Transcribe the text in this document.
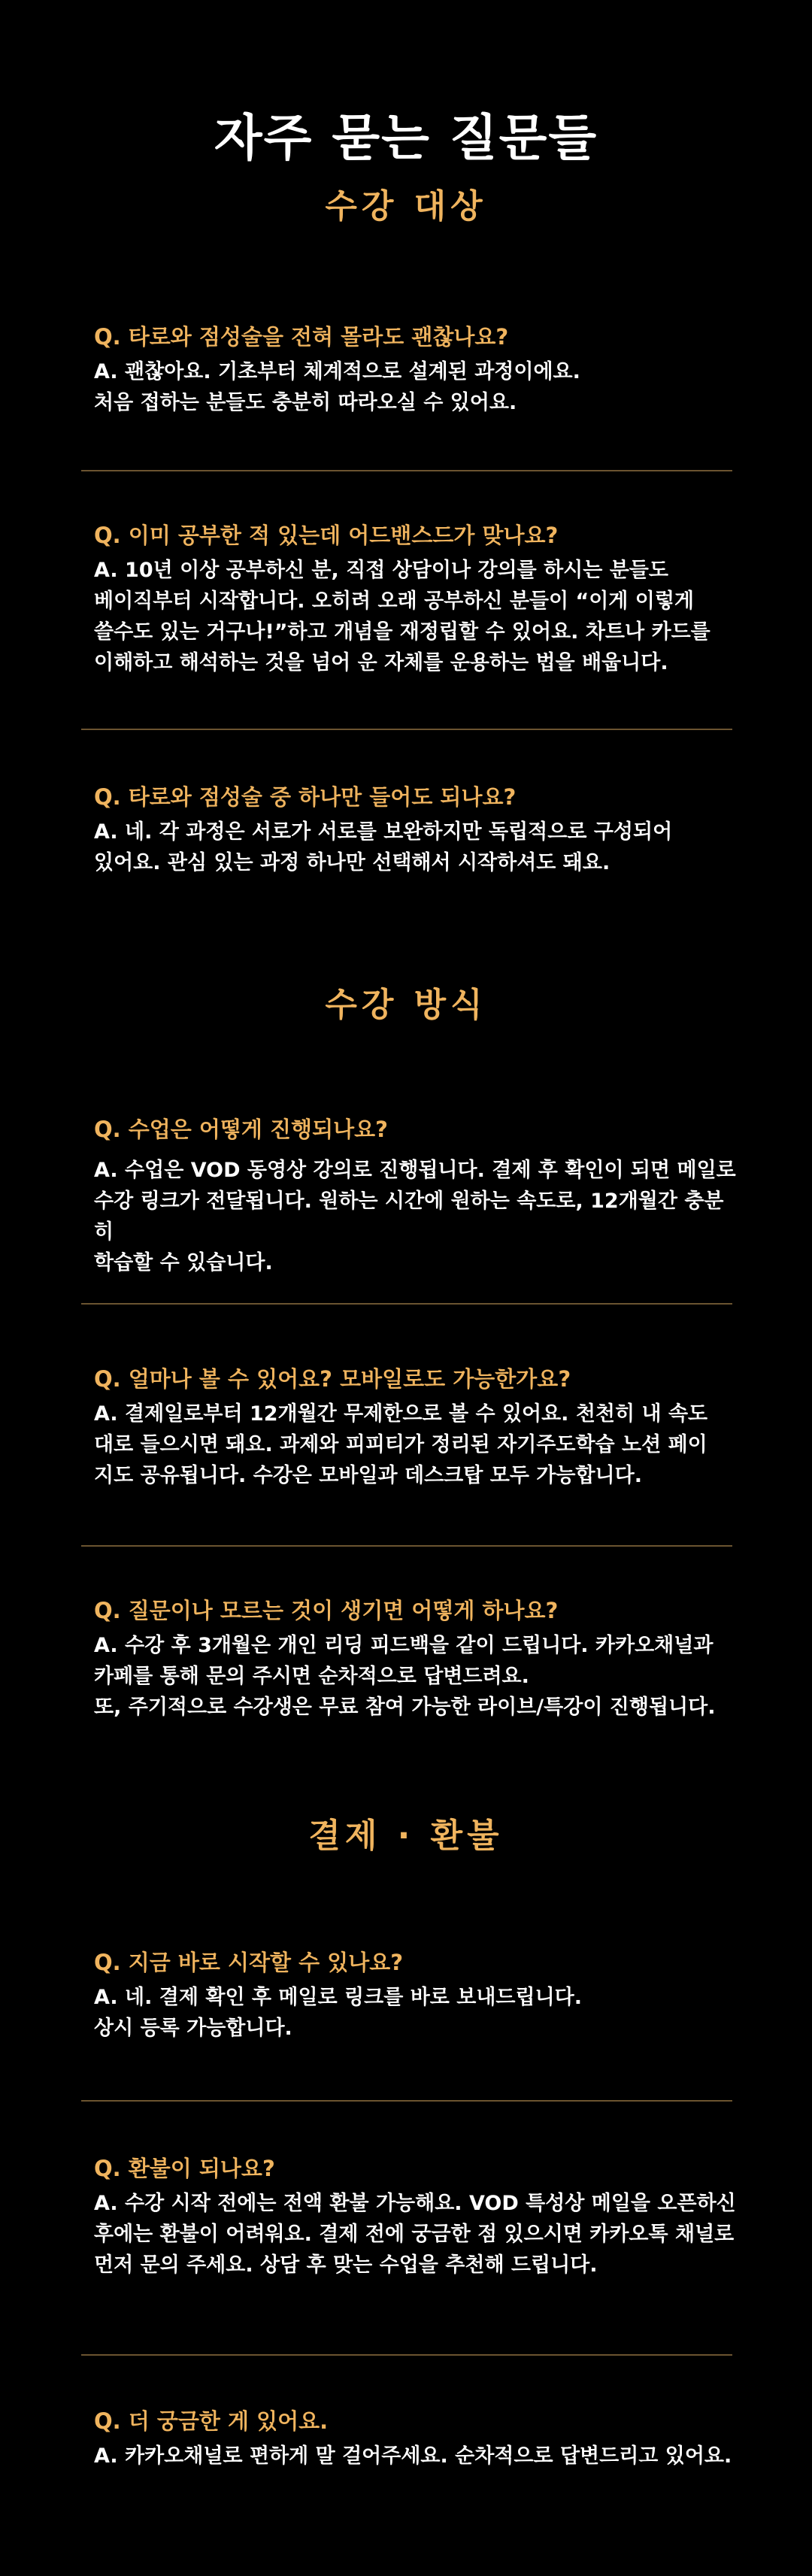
자주 묻는 질문들
수강 대상
Q. 타로와 점성술을 전혀 몰라도 괜찮나요?
A. 괜찮아요. 기초부터 체계적으로 설계된 과정이에요.
처음 접하는 분들도 충분히 따라오실 수 있어요.
Q. 이미 공부한 적 있는데 어드밴스드가 맞나요?
A. 10년 이상 공부하신 분, 직접 상담이나 강의를 하시는 분들도
베이직부터 시작합니다. 오히려 오래 공부하신 분들이 “이게 이렇게
쓸수도 있는 거구나!”하고 개념을 재정립할 수 있어요. 차트나 카드를
이해하고 해석하는 것을 넘어 운 자체를 운용하는 법을 배웁니다.
Q. 타로와 점성술 중 하나만 들어도 되나요?
A. 네. 각 과정은 서로가 서로를 보완하지만 독립적으로 구성되어
있어요. 관심 있는 과정 하나만 선택해서 시작하셔도 돼요.
수강 방식
Q. 수업은 어떻게 진행되나요?
A. 수업은 VOD 동영상 강의로 진행됩니다. 결제 후 확인이 되면 메일로
수강 링크가 전달됩니다. 원하는 시간에 원하는 속도로, 12개월간 충분히
학습할 수 있습니다.
Q. 얼마나 볼 수 있어요? 모바일로도 가능한가요?
A. 결제일로부터 12개월간 무제한으로 볼 수 있어요. 천천히 내 속도
대로 들으시면 돼요. 과제와 피피티가 정리된 자기주도학습 노션 페이
지도 공유됩니다. 수강은 모바일과 데스크탑 모두 가능합니다.
Q. 질문이나 모르는 것이 생기면 어떻게 하나요?
A. 수강 후 3개월은 개인 리딩 피드백을 같이 드립니다. 카카오채널과
카페를 통해 문의 주시면 순차적으로 답변드려요.
또, 주기적으로 수강생은 무료 참여 가능한 라이브/특강이 진행됩니다.
결제 · 환불
Q. 지금 바로 시작할 수 있나요?
A. 네. 결제 확인 후 메일로 링크를 바로 보내드립니다.
상시 등록 가능합니다.
Q. 환불이 되나요?
A. 수강 시작 전에는 전액 환불 가능해요. VOD 특성상 메일을 오픈하신
후에는 환불이 어려워요. 결제 전에 궁금한 점 있으시면 카카오톡 채널로
먼저 문의 주세요. 상담 후 맞는 수업을 추천해 드립니다.
Q. 더 궁금한 게 있어요.
A. 카카오채널로 편하게 말 걸어주세요. 순차적으로 답변드리고 있어요.
